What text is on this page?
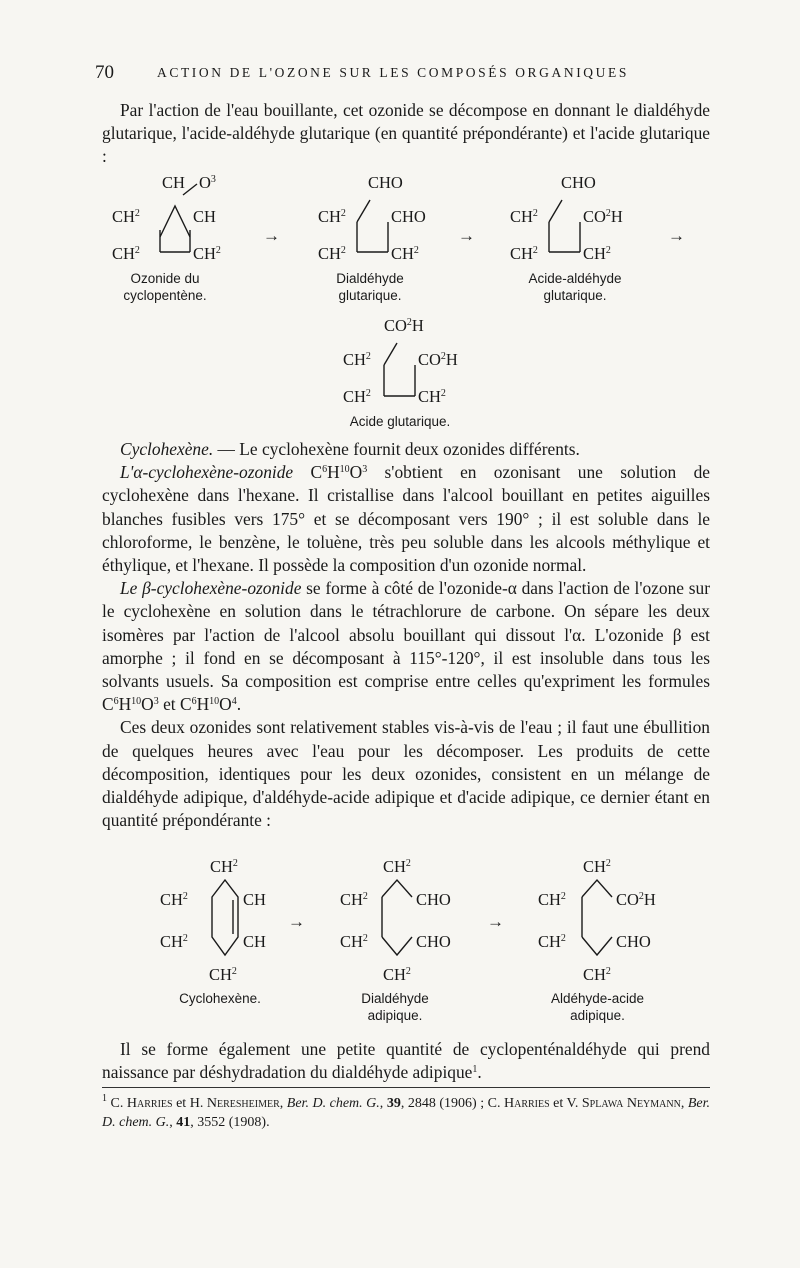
70	ACTION DE L'OZONE SUR LES COMPOSÉS ORGANIQUES

Par l'action de l'eau bouillante, cet ozonide se décompose en donnant le dialdéhyde glutarique, l'acide-aldéhyde glutarique (en quantité prépondérante) et l'acide glutarique :

CH $O^3$
$CH^2$	CH
$CH^2$	$CH^2$
Ozonide du cyclopentène.
→
CHO
$CH^2$	CHO
$CH^2$	$CH^2$
Dialdéhyde glutarique.
→
CHO
$CH^2$	$CO^2H$
$CH^2$	$CH^2$
Acide-aldéhyde glutarique.
→
$CO^2H$
$CH^2$	$CO^2H$
$CH^2$	$CH^2$
Acide glutarique.

Cyclohexène. — Le cyclohexène fournit deux ozonides différents.

L'α-cyclohexène-ozonide $C^6H^{10}O^3$ s'obtient en ozonisant une solution de cyclohexène dans l'hexane. Il cristallise dans l'alcool bouillant en petites aiguilles blanches fusibles vers 175° et se décomposant vers 190° ; il est soluble dans le chloroforme, le benzène, le toluène, très peu soluble dans les alcools méthylique et éthylique, et l'hexane. Il possède la composition d'un ozonide normal.

Le β-cyclohexène-ozonide se forme à côté de l'ozonide-α dans l'action de l'ozone sur le cyclohexène en solution dans le tétrachlorure de carbone. On sépare les deux isomères par l'action de l'alcool absolu bouillant qui dissout l'α. L'ozonide β est amorphe ; il fond en se décomposant à 115°-120°, il est insoluble dans tous les solvants usuels. Sa composition est comprise entre celles qu'expriment les formules $C^6H^{10}O^3$ et $C^6H^{10}O^4$.

Ces deux ozonides sont relativement stables vis-à-vis de l'eau ; il faut une ébullition de quelques heures avec l'eau pour les décomposer. Les produits de cette décomposition, identiques pour les deux ozonides, consistent en un mélange de dialdéhyde adipique, d'aldéhyde-acide adipique et d'acide adipique, ce dernier étant en quantité prépondérante :

$CH^2$
$CH^2$	CH
$CH^2$	CH
$CH^2$
Cyclohexène.
→
$CH^2$
$CH^2$	CHO
$CH^2$	CHO
$CH^2$
Dialdéhyde adipique.
→
$CH^2$
$CH^2$	$CO^2H$
$CH^2$	CHO
$CH^2$
Aldéhyde-acide adipique.

Il se forme également une petite quantité de cyclopenténaldéhyde qui prend naissance par déshydradation du dialdéhyde adipique$^1$.

$^1$ C. Harries et H. Neresheimer, Ber. D. chem. G., 39, 2848 (1906) ; C. Harries et V. Splawa Neymann, Ber. D. chem. G., 41, 3552 (1908).
